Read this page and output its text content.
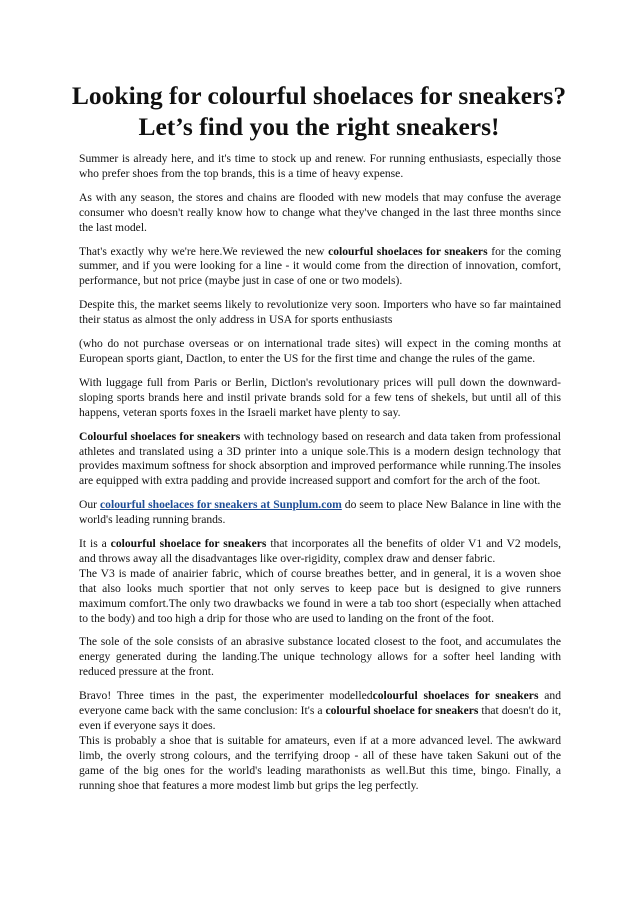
Looking for colourful shoelaces for sneakers? Let’s find you the right sneakers!

Summer is already here, and it's time to stock up and renew. For running enthusiasts, especially those who prefer shoes from the top brands, this is a time of heavy expense.

As with any season, the stores and chains are flooded with new models that may confuse the average consumer who doesn't really know how to change what they've changed in the last three months since the last model.

That's exactly why we're here.We reviewed the new colourful shoelaces for sneakers for the coming summer, and if you were looking for a line - it would come from the direction of innovation, comfort, performance, but not price (maybe just in case of one or two models).

Despite this, the market seems likely to revolutionize very soon. Importers who have so far maintained their status as almost the only address in USA for sports enthusiasts

(who do not purchase overseas or on international trade sites) will expect in the coming months at European sports giant, Dactlon, to enter the US for the first time and change the rules of the game.

With luggage full from Paris or Berlin, Dictlon's revolutionary prices will pull down the downward-sloping sports brands here and instil private brands sold for a few tens of shekels, but until all of this happens, veteran sports foxes in the Israeli market have plenty to say.

Colourful shoelaces for sneakers with technology based on research and data taken from professional athletes and translated using a 3D printer into a unique sole.This is a modern design technology that provides maximum softness for shock absorption and improved performance while running.The insoles are equipped with extra padding and provide increased support and comfort for the arch of the foot.

Our colourful shoelaces for sneakers at Sunplum.com do seem to place New Balance in line with the world's leading running brands.

It is a colourful shoelace for sneakers that incorporates all the benefits of older V1 and V2 models, and throws away all the disadvantages like over-rigidity, complex draw and denser fabric.

The V3 is made of anairier fabric, which of course breathes better, and in general, it is a woven shoe that also looks much sportier that not only serves to keep pace but is designed to give runners maximum comfort.The only two drawbacks we found in were a tab too short (especially when attached to the body) and too high a drip for those who are used to landing on the front of the foot.

The sole of the sole consists of an abrasive substance located closest to the foot, and accumulates the energy generated during the landing.The unique technology allows for a softer heel landing with reduced pressure at the front.

Bravo! Three times in the past, the experimenter modelledcolourful shoelaces for sneakers and everyone came back with the same conclusion: It's a colourful shoelace for sneakers that doesn't do it, even if everyone says it does.

This is probably a shoe that is suitable for amateurs, even if at a more advanced level. The awkward limb, the overly strong colours, and the terrifying droop - all of these have taken Sakuni out of the game of the big ones for the world's leading marathonists as well.But this time, bingo. Finally, a running shoe that features a more modest limb but grips the leg perfectly.
